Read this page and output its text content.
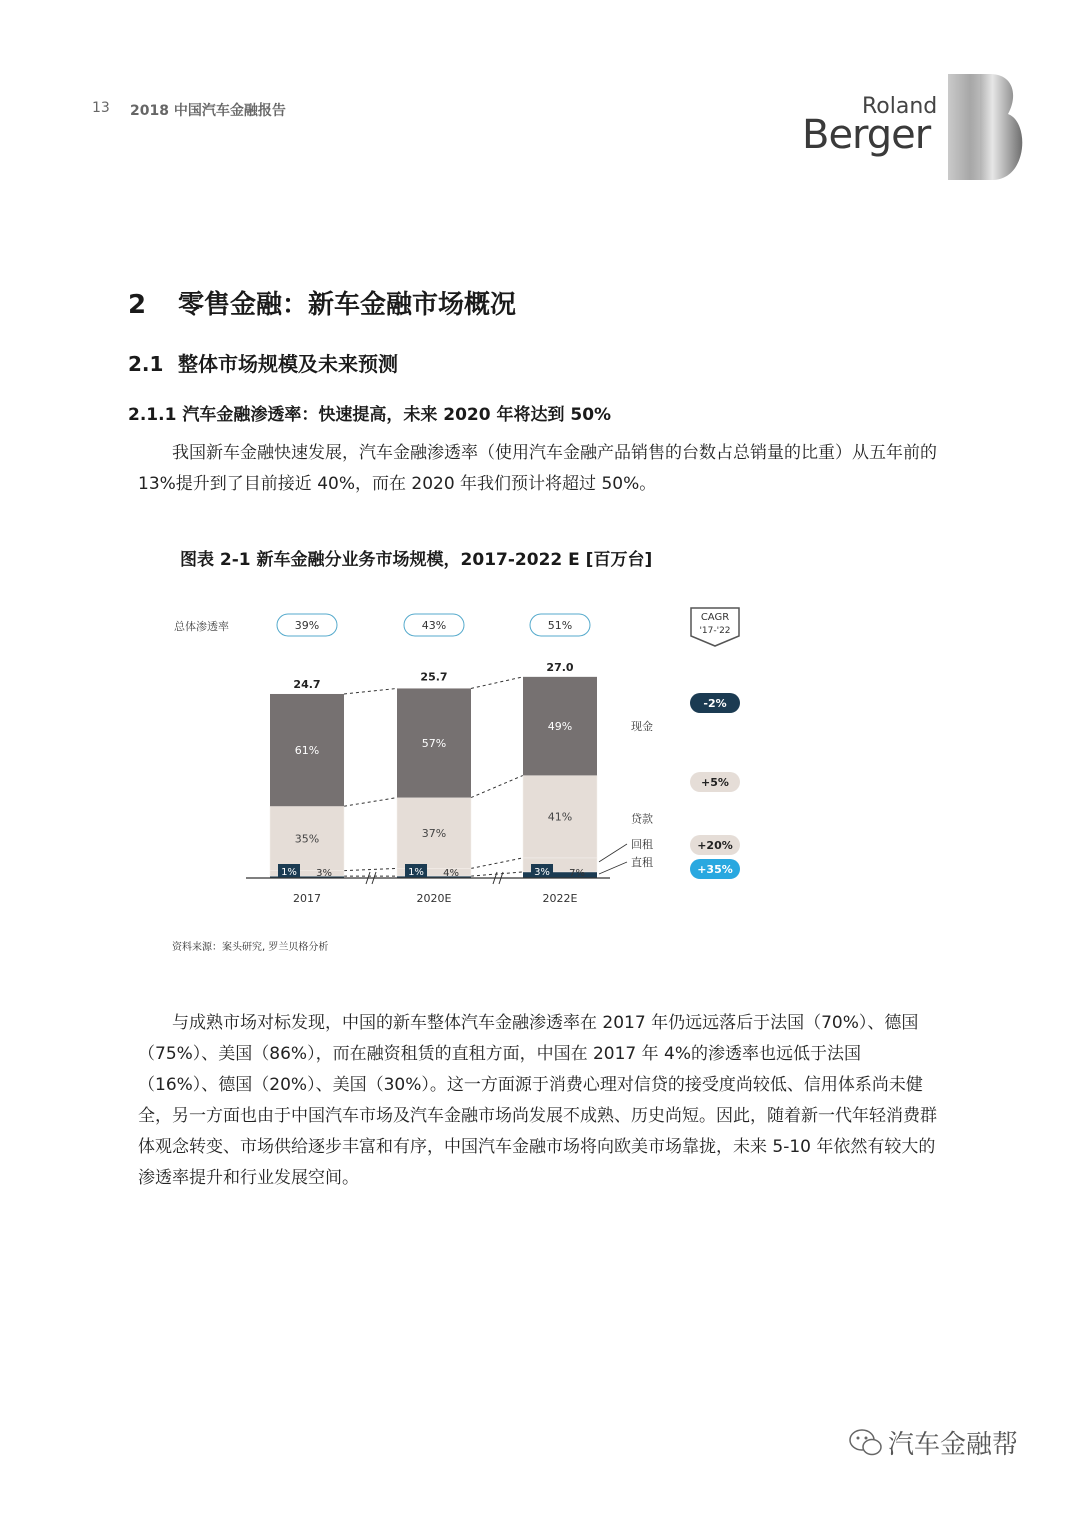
13 2018 中国汽车金融报告	Roland
Berger
2 零售金融：新车金融市场概况
2.1 整体市场规模及未来预测
2.1.1 汽车金融渗透率：快速提高，未来 2020 年将达到 50%

我国新车金融快速发展，汽车金融渗透率（使用汽车金融产品销售的台数占总销量的比重）从五年前的 13%提升到了目前接近 40%，而在 2020 年我们预计将超过 50%。

图表 2-1 新车金融分业务市场规模，2017-2022 E [百万台]
总体渗透率	39%	43%	51%
1% 3%
35%
61%
24.7
2017
1% 4%
37%
57%
25.7
2020E
3% 7%
41%
49%
27.0
2022E
直租
回租
贷款
现金
CAGR
'17-'22
-2%
+5%
+20%
+35%
资料来源：案头研究, 罗兰贝格分析

与成熟市场对标发现，中国的新车整体汽车金融渗透率在 2017 年仍远远落后于法国（70%）、德国（75%）、美国（86%），而在融资租赁的直租方面，中国在 2017 年 4%的渗透率也远低于法国（16%）、德国（20%）、美国（30%）。这一方面源于消费心理对信贷的接受度尚较低、信用体系尚未健全，另一方面也由于中国汽车市场及汽车金融市场尚发展不成熟、历史尚短。因此，随着新一代年轻消费群体观念转变、市场供给逐步丰富和有序，中国汽车金融市场将向欧美市场靠拢，未来 5-10 年依然有较大的渗透率提升和行业发展空间。

汽车金融帮
